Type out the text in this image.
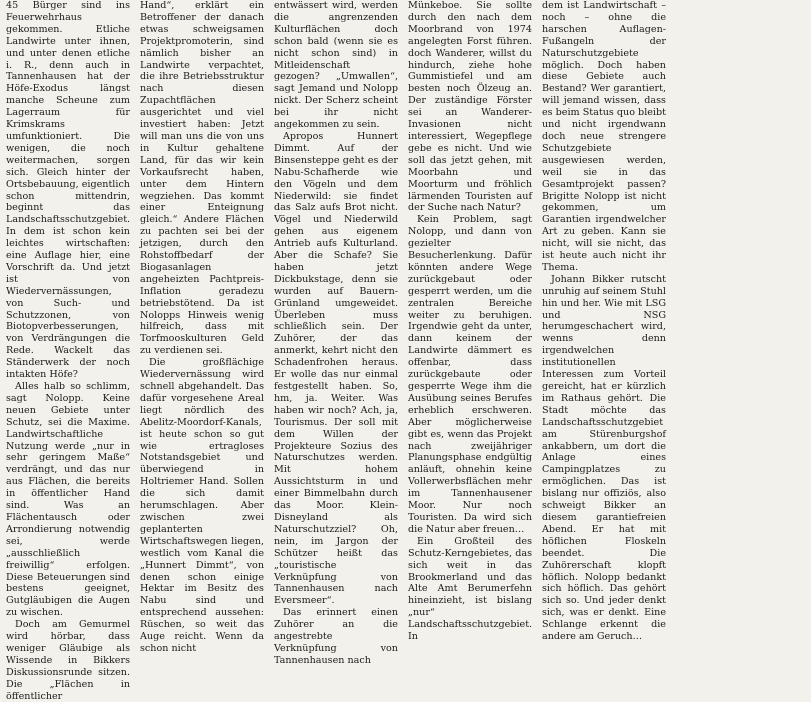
45 Bürger sind ins Feuerwehrhaus gekommen. Etliche Landwirte unter ihnen, und unter denen etliche i. R., denn auch in Tannenhausen hat der Höfe-Exodus längst manche Scheune zum Lagerraum für Krimskrams umfunktioniert. Die wenigen, die noch weitermachen, sorgen sich. Gleich hinter der Ortsbebauung, eigentlich schon mittendrin, beginnt das Landschaftsschutzgebiet. In dem ist schon kein leichtes wirtschaften: eine Auflage hier, eine Vorschrift da. Und jetzt ist von Wiedervernässungen, von Such- und Schutzzonen, von Biotopverbesserungen, von Verdrängungen die Rede. Wackelt das Ständerwerk der noch intakten Höfe?

Alles halb so schlimm, sagt Nolopp. Keine neuen Gebiete unter Schutz, sei die Maxime. Landwirtschaftliche Nutzung werde „nur in sehr geringem Maße“ verdrängt, und das nur aus Flächen, die bereits in öffentlicher Hand sind. Was an Flächentausch oder Arrondierung notwendig sei, werde „ausschließlich freiwillig“ erfolgen. Diese Beteuerungen sind bestens geeignet, Gutgläubigen die Augen zu wischen.

Doch am Gemurmel wird hörbar, dass weniger Gläubige als Wissende in Bikkers Diskussionsrunde sitzen. Die „Flächen in öffentlicher

Hand“, erklärt ein Betroffener der danach etwas schweigsamen Projektpromoterin, sind nämlich bisher an Landwirte verpachtet, die ihre Betriebsstruktur nach diesen Zupachtflächen ausgerichtet und viel investiert haben: Jetzt will man uns die von uns in Kultur gehaltene Land, für das wir kein Vorkaufsrecht haben, unter dem Hintern wegziehen. Das kommt einer Enteignung gleich.“ Andere Flächen zu pachten sei bei der jetzigen, durch den Rohstoffbedarf der Biogasanlagen angeheizten Pachtpreis-Inflation geradezu betriebstötend. Da ist Nolopps Hinweis wenig hilfreich, dass mit Torfmooskulturen Geld zu verdienen sei.

Die großflächige Wiedervernässung wird schnell abgehandelt. Das dafür vorgesehene Areal liegt nördlich des Abelitz-Moordorf-Kanals, ist heute schon so gut wie ertragloses Notstandsgebiet und überwiegend in Holtriemer Hand. Sollen die sich damit herumschlagen. Aber zwischen zwei geplanterten Wirtschaftswegen liegen, westlich vom Kanal die „Hunnert Dimmt“, von denen schon einige Hektar im Besitz des Nabu sind und entsprechend aussehen: Rüschen, so weit das Auge reicht. Wenn da schon nicht

entwässert wird, werden die angrenzenden Kulturflächen doch schon bald (wenn sie es nicht schon sind) in Mitleidenschaft gezogen? „Umwallen“, sagt Jemand und Nolopp nickt. Der Scherz scheint bei ihr nicht angekommen zu sein.

Apropos Hunnert Dimmt. Auf der Binsensteppe geht es der Nabu-Schafherde wie den Vögeln und dem Niederwild: sie findet das Salz aufs Brot nicht. Vögel und Niederwild gehen aus eigenem Antrieb aufs Kulturland. Aber die Schafe? Sie haben jetzt Dickbukstage, denn sie wurden auf Bauern-Grünland umgeweidet. Überleben muss schließlich sein. Der Zuhörer, der das anmerkt, kehrt nicht den Schadenfrohen heraus. Er wolle das nur einmal festgestellt haben. So, hm, ja. Weiter. Was haben wir noch? Ach, ja, Tourismus. Der soll mit dem Willen der Projekteure Sozius des Naturschutzes werden. Mit hohem Aussichtsturm in und einer Bimmelbahn durch das Moor. Klein-Disneyland als Naturschutzziel? Oh, nein, im Jargon der Schützer heißt das „touristische Verknüpfung von Tannenhausen nach Eversmeer“.

Das erinnert einen Zuhörer an die angestrebte Verknüpfung von Tannenhausen nach

Münkeboe. Sie sollte durch den nach dem Moorbrand von 1974 angelegten Forst führen. doch Wanderer, willst du hindurch, ziehe hohe Gummistiefel und am besten noch Ölzeug an. Der zuständige Förster sei an Wanderer-Invasionen nicht interessiert, Wegepflege gebe es nicht. Und wie soll das jetzt gehen, mit Moorbahn und Moorturm und fröhlich lärmenden Touristen auf der Suche nach Natur?

Kein Problem, sagt Nolopp, und dann von gezielter Besucherlenkung. Dafür könnten andere Wege zurückgebaut oder gesperrt werden, um die zentralen Bereiche weiter zu beruhigen. Irgendwie geht da unter, dann keinem der Landwirte dämmert es offenbar, dass zurückgebaute oder gesperrte Wege ihm die Ausübung seines Berufes erheblich erschweren. Aber möglicherweise gibt es, wenn das Projekt nach zweijähriger Planungsphase endgültig anläuft, ohnehin keine Vollerwerbsflächen mehr im Tannenhausener Moor. Nur noch Touristen. Da wird sich die Natur aber freuen…

Ein Großteil des Schutz-Kerngebietes, das sich weit in das Brookmerland und das Alte Amt Berumerfehn hineinzieht, ist bislang „nur“ Landschaftsschutzgebiet. In

dem ist Landwirtschaft – noch – ohne die harschen Auflagen-Fußangeln der Naturschutzgebiete möglich. Doch haben diese Gebiete auch Bestand? Wer garantiert, will jemand wissen, dass es beim Status quo bleibt und nicht irgendwann doch neue strengere Schutzgebiete ausgewiesen werden, weil sie in das Gesamtprojekt passen? Brigitte Nolopp ist nicht gekommen, um Garantien irgendwelcher Art zu geben. Kann sie nicht, will sie nicht, das ist heute auch nicht ihr Thema.

Johann Bikker rutscht unruhig auf seinem Stuhl hin und her. Wie mit LSG und NSG herumgeschachert wird, wenns denn irgendwelchen institutionellen Interessen zum Vorteil gereicht, hat er kürzlich im Rathaus gehört. Die Stadt möchte das Landschaftsschutzgebiet am Stürenburgshof ankabbern, um dort die Anlage eines Campingplatzes zu ermöglichen. Das ist bislang nur offiziös, also schweigt Bikker an diesem garantiefreien Abend. Er hat mit höflichen Floskeln beendet. Die Zuhörerschaft klopft höflich. Nolopp bedankt sich höflich. Das gehört sich so. Und jeder denkt sich, was er denkt. Eine Schlange erkennt die andere am Geruch…
